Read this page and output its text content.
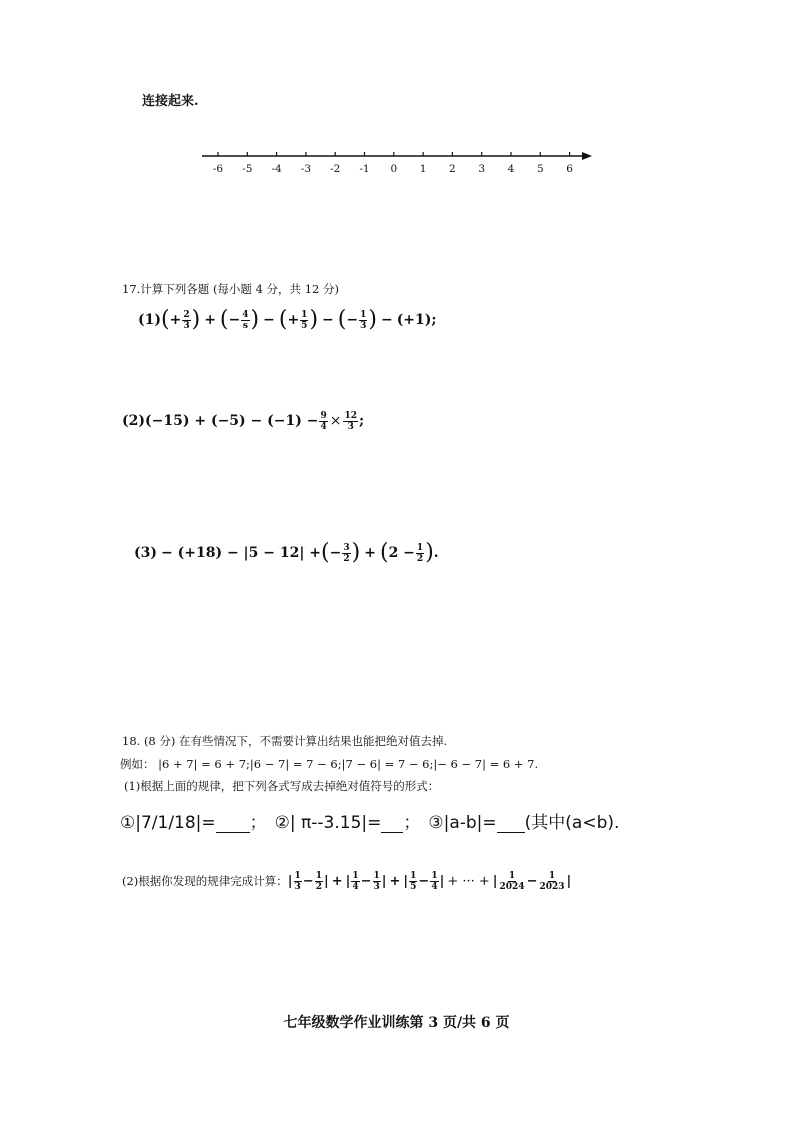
连接起来.
-6 -5 -4 -3 -2 -1 0 1 2 3 4 5 6
17.计算下列各题 (每小题 4 分，共 12 分)
(1) ( + $\frac{2}{3}$ ) + ( − $\frac{4}{s}$ ) − ( + $\frac{1}{5}$ ) − ( − $\frac{1}{3}$ ) − (+1);
(2) $(-15) + (-5) - (-1) - \frac{9}{4} \times \frac{12}{3}$ ;
(3) − (+18) − |5 − 12| + ( − $\frac{3}{2}$ ) + ( $2 - \frac{1}{2}$ ) .
18. (8 分) 在有些情况下，不需要计算出结果也能把绝对值去掉.
例如： |6 + 7| = 6 + 7;|6 − 7| = 7 − 6;|7 − 6| = 7 − 6;|− 6 − 7| = 6 + 7.
(1)根据上面的规律，把下列各式写成去掉绝对值符号的形式：
①|7/1/18|= ； ②| π--3.15|= ； ③|a-b|= (其中(a<b).
(2)根据你发现的规律完成计算： | $\frac{1}{3} - \frac{1}{2}$ | + | $\frac{1}{4} - \frac{1}{3}$ | + | $\frac{1}{5} - \frac{1}{4}$ | + ··· + | $\frac{1}{2024} - \frac{1}{2023}$ |
七年级数学作业训练第 3 页/共 6 页
